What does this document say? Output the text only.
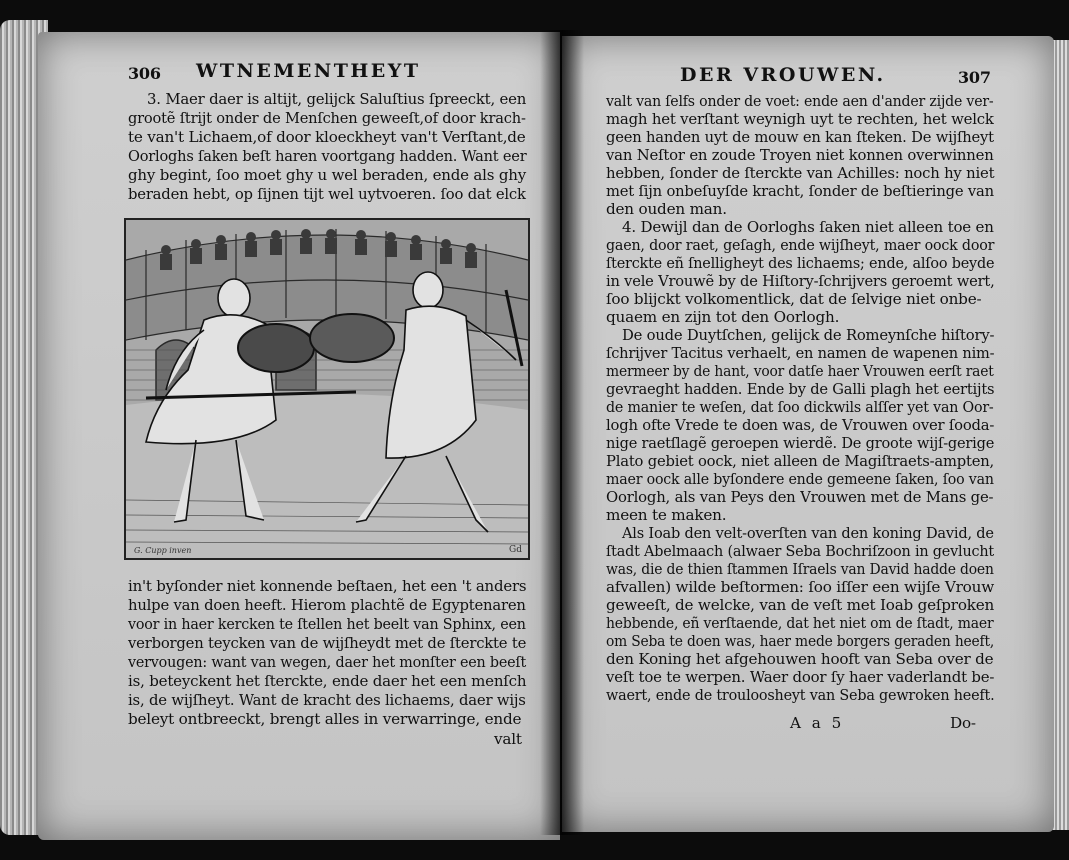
306 WTNEMENTHEYT
3. Maer daer is altijt, gelijck Saluſtius ſpreeckt, een
grootẽ ſtrijt onder de Menſchen geweeſt,of door krach-
te van't Lichaem,of door kloeckheyt van't Verſtant,de
Oorloghs ſaken beſt haren voortgang hadden. Want eer
ghy begint, ſoo moet ghy u wel beraden, ende als ghy
beraden hebt, op ſijnen tijt wel uytvoeren. ſoo dat elck
G. Cupp inven	Gd
in't byſonder niet konnende beſtaen, het een 't anders
hulpe van doen heeft. Hierom plachtẽ de Egyptenaren
voor in haer kercken te ſtellen het beelt van Sphinx, een
verborgen teycken van de wijſheydt met de ſterckte te
vervougen: want van wegen, daer het monſter een beeſt
is, beteyckent het ſterckte, ende daer het een menſch
is, de wijſheyt. Want de kracht des lichaems, daer wijs
beleyt ontbreeckt, brengt alles in verwarringe, ende
valt
DER VROUWEN.	307
valt van ſelfs onder de voet: ende aen d'ander zijde ver-
magh het verſtant weynigh uyt te rechten, het welck
geen handen uyt de mouw en kan ſteken. De wijſheyt
van Neſtor en zoude Troyen niet konnen overwinnen
hebben, ſonder de ſterckte van Achilles: noch hy niet
met ſijn onbeſuyſde kracht, ſonder de beſtieringe van
den ouden man.
4. Dewijl dan de Oorloghs ſaken niet alleen toe en
gaen, door raet, geſagh, ende wijſheyt, maer oock door
ſterckte eñ ſnelligheyt des lichaems; ende, alſoo beyde
in vele Vrouwẽ by de Hiſtory-ſchrijvers geroemt wert,
ſoo blijckt volkomentlick, dat de ſelvige niet onbe-
quaem en zijn tot den Oorlogh.
De oude Duytſchen, gelijck de Romeynſche hiſtory-
ſchrijver Tacitus verhaelt, en namen de wapenen nim-
mermeer by de hant, voor datſe haer Vrouwen eerſt raet
gevraeght hadden. Ende by de Galli plagh het eertijts
de manier te weſen, dat ſoo dickwils alſſer yet van Oor-
logh ofte Vrede te doen was, de Vrouwen over ſooda-
nige raetſlagẽ geroepen wierdẽ. De groote wijſ-gerige
Plato gebiet oock, niet alleen de Magiſtraets-ampten,
maer oock alle byſondere ende gemeene ſaken, ſoo van
Oorlogh, als van Peys den Vrouwen met de Mans ge-
meen te maken.
Als Ioab den velt-overſten van den koning David, de
ſtadt Abelmaach (alwaer Seba Bochriſzoon in gevlucht
was, die de thien ſtammen Iſraels van David hadde doen
afvallen) wilde beſtormen: ſoo iſſer een wijſe Vrouw
geweeſt, de welcke, van de veſt met Ioab geſproken
hebbende, eñ verſtaende, dat het niet om de ſtadt, maer
om Seba te doen was, haer mede borgers geraden heeft,
den Koning het afgehouwen hooft van Seba over de
veſt toe te werpen. Waer door ſy haer vaderlandt be-
waert, ende de trouloosheyt van Seba gewroken heeft.
A a 5	Do-
